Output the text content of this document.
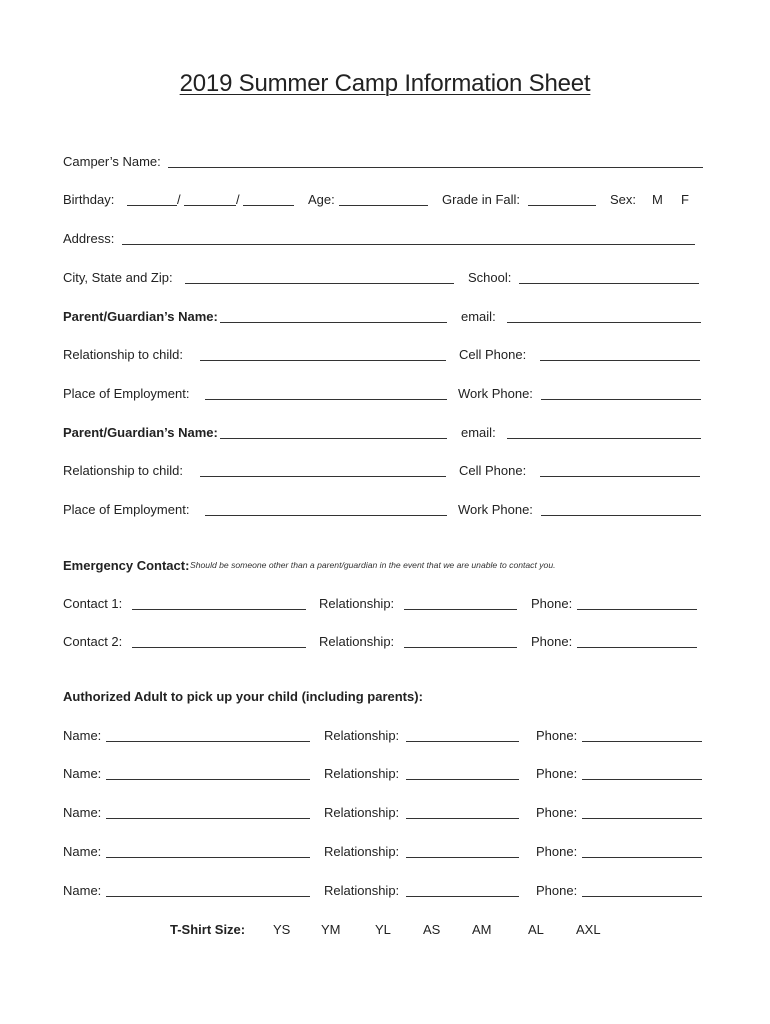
2019 Summer Camp Information Sheet
Camper’s Name:
Birthday:	/	/	Age:	Grade in Fall:	Sex: M F
Address:
City, State and Zip:	School:
Parent/Guardian’s Name:	email:
Relationship to child:	Cell Phone:
Place of Employment:	Work Phone:
Parent/Guardian’s Name:	email:
Relationship to child:	Cell Phone:
Place of Employment:	Work Phone:
Emergency Contact: Should be someone other than a parent/guardian in the event that we are unable to contact you.
Contact 1:	Relationship:	Phone:
Contact 2:	Relationship:	Phone:
Authorized Adult to pick up your child (including parents):
Name:	Relationship:	Phone:
Name:	Relationship:	Phone:
Name:	Relationship:	Phone:
Name:	Relationship:	Phone:
Name:	Relationship:	Phone:
T-Shirt Size: YS YM	YL AS AM	AL AXL
